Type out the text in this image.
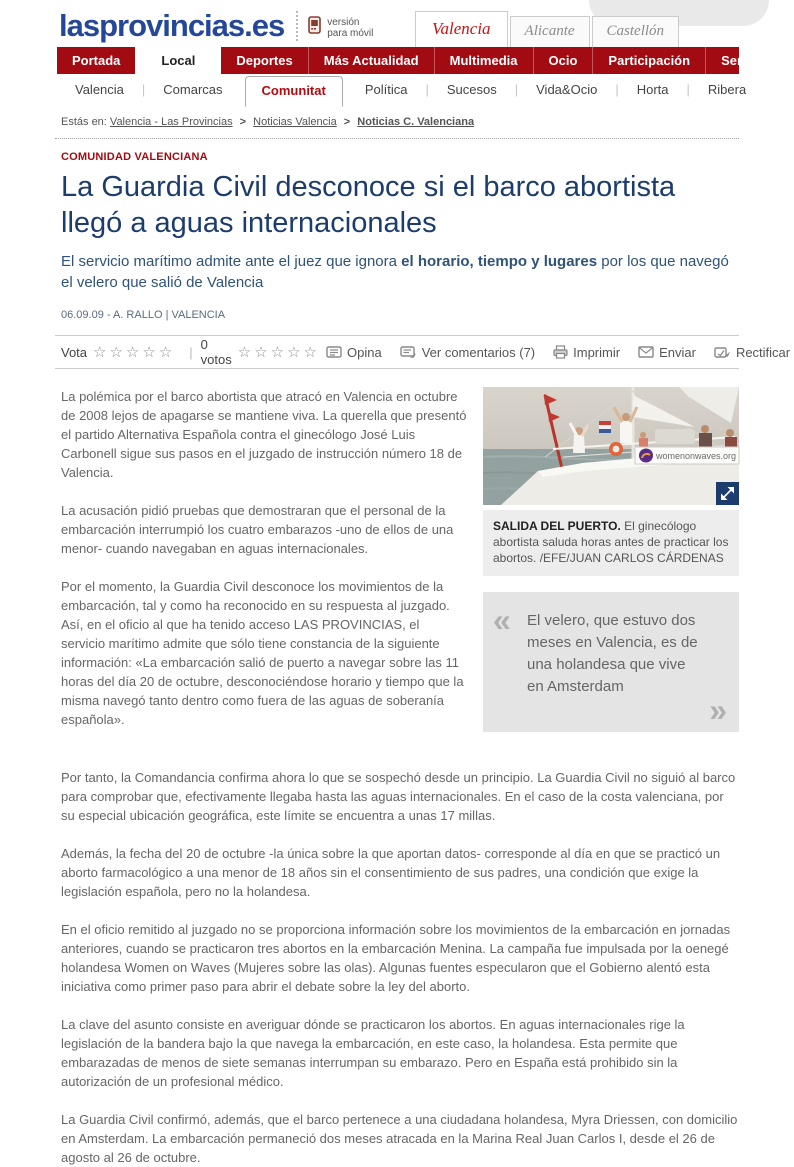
lasprovincias.es	versión
para móvil	Valencia	Alicante	Castellón
Portada	Local	Deportes	Más Actualidad	Multimedia	Ocio	Participación	Servicios
Valencia	|	Comarcas	Comunitat	Política	|	Sucesos	|	Vida&Ocio	|	Horta	|	Ribera
Estás en: Valencia - Las Provincias > Noticias Valencia > Noticias C. Valenciana
COMUNIDAD VALENCIANA
La Guardia Civil desconoce si el barco abortista llegó a aguas internacionales
El servicio marítimo admite ante el juez que ignora el horario, tiempo y lugares por los que navegó el velero que salió de Valencia
06.09.09 - A. RALLO | VALENCIA
Vota ☆☆☆☆☆ | 0 votos ☆☆☆☆☆ Opina	Ver comentarios (7)	Imprimir	Enviar	Rectificar

La polémica por el barco abortista que atracó en Valencia en octubre de 2008 lejos de apagarse se mantiene viva. La querella que presentó el partido Alternativa Española contra el ginecólogo José Luis Carbonell sigue sus pasos en el juzgado de instrucción número 18 de Valencia.

La acusación pidió pruebas que demostraran que el personal de la embarcación interrumpió los cuatro embarazos -uno de ellos de una menor- cuando navegaban en aguas internacionales.

Por el momento, la Guardia Civil desconoce los movimientos de la embarcación, tal y como ha reconocido en su respuesta al juzgado. Así, en el oficio al que ha tenido acceso LAS PROVINCIAS, el servicio marítimo admite que sólo tiene constancia de la siguiente información: «La embarcación salió de puerto a navegar sobre las 11 horas del día 20 de octubre, desconociéndose horario y tiempo que la misma navegó tanto dentro como fuera de las aguas de soberanía española».

womenonwaves.org
SALIDA DEL PUERTO. El ginecólogo abortista saluda horas antes de practicar los abortos. /EFE/JUAN CARLOS CÁRDENAS
« El velero, que estuvo dos meses en Valencia, es de una holandesa que vive en Amsterdam
»

Por tanto, la Comandancia confirma ahora lo que se sospechó desde un principio. La Guardia Civil no siguió al barco para comprobar que, efectivamente llegaba hasta las aguas internacionales. En el caso de la costa valenciana, por su especial ubicación geográfica, este límite se encuentra a unas 17 millas.

Además, la fecha del 20 de octubre -la única sobre la que aportan datos- corresponde al día en que se practicó un aborto farmacológico a una menor de 18 años sin el consentimiento de sus padres, una condición que exige la legislación española, pero no la holandesa.

En el oficio remitido al juzgado no se proporciona información sobre los movimientos de la embarcación en jornadas anteriores, cuando se practicaron tres abortos en la embarcación Menina. La campaña fue impulsada por la oenegé holandesa Women on Waves (Mujeres sobre las olas). Algunas fuentes especularon que el Gobierno alentó esta iniciativa como primer paso para abrir el debate sobre la ley del aborto.

La clave del asunto consiste en averiguar dónde se practicaron los abortos. En aguas internacionales rige la legislación de la bandera bajo la que navega la embarcación, en este caso, la holandesa. Esta permite que embarazadas de menos de siete semanas interrumpan su embarazo. Pero en España está prohibido sin la autorización de un profesional médico.

La Guardia Civil confirmó, además, que el barco pertenece a una ciudadana holandesa, Myra Driessen, con domicilio en Amsterdam. La embarcación permaneció dos meses atracada en la Marina Real Juan Carlos I, desde el 26 de agosto al 26 de octubre.
